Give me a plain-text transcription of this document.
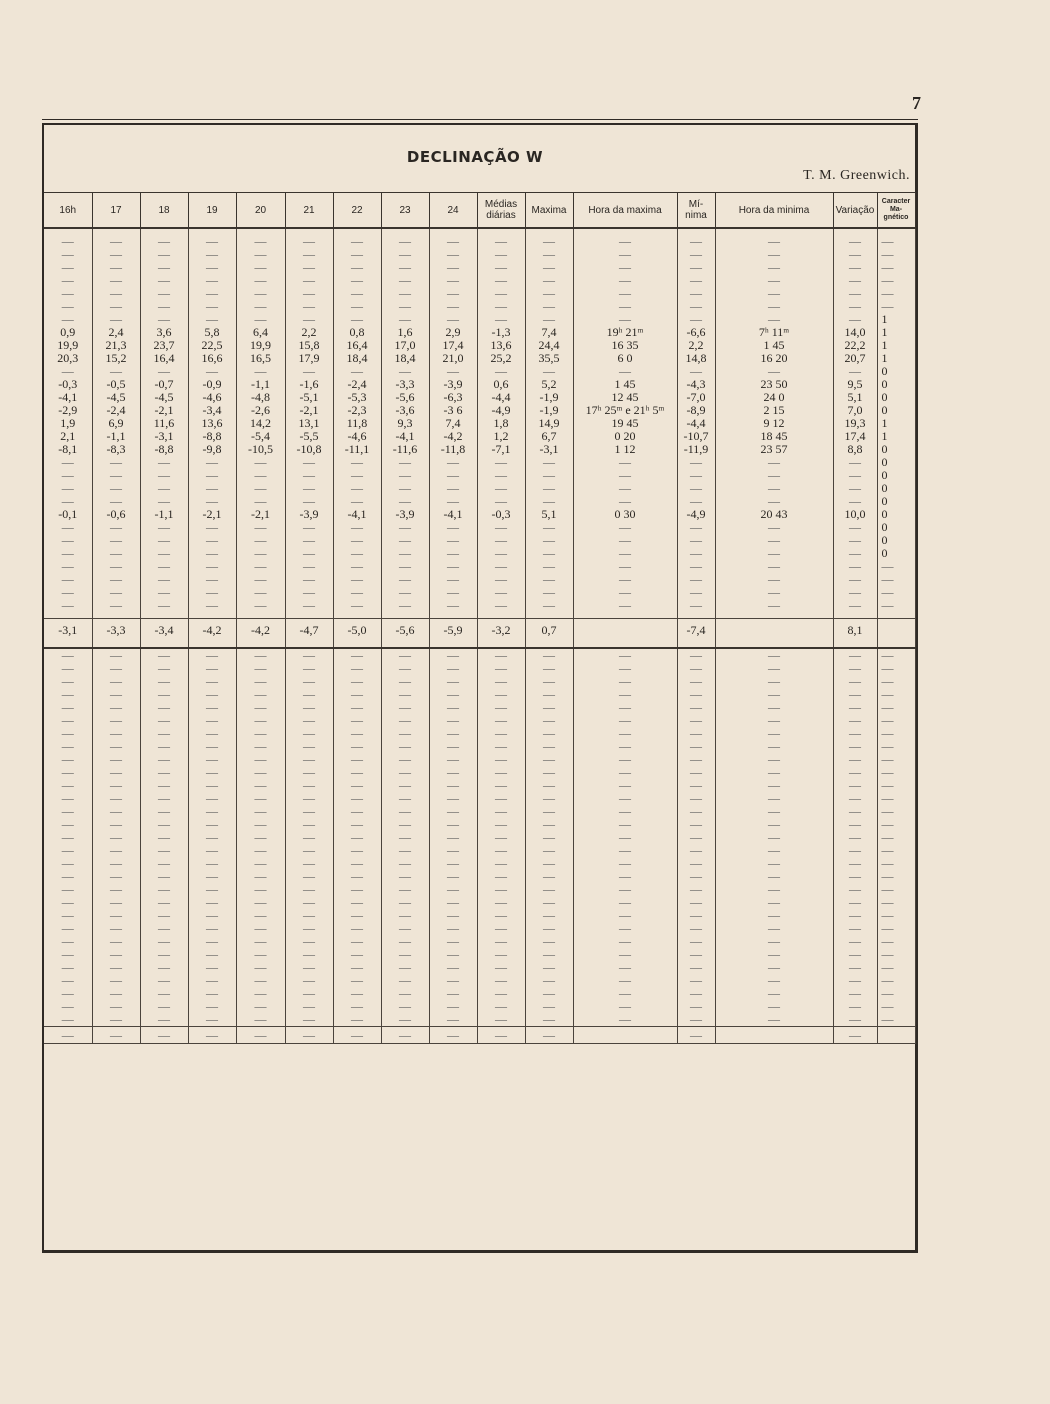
7
DECLINAÇÃO W
T. M. Greenwich.
16h	17	18	19	20	21	22	23	24	Médias diárias	Maxima	Hora da maxima	Mí- nima	Hora da minima	Variação	Caracter Ma- gnético

—	—	—	—	—	—	—	—	—	—	—	—	—	—	—	—
—	—	—	—	—	—	—	—	—	—	—	—	—	—	—	—
—	—	—	—	—	—	—	—	—	—	—	—	—	—	—	—
—	—	—	—	—	—	—	—	—	—	—	—	—	—	—	—
—	—	—	—	—	—	—	—	—	—	—	—	—	—	—	—
—	—	—	—	—	—	—	—	—	—	—	—	—	—	—	—
—	—	—	—	—	—	—	—	—	—	—	—	—	—	—	1
0,9	2,4	3,6	5,8	6,4	2,2	0,8	1,6	2,9	-1,3	7,4	19ʰ 21ᵐ	-6,6	7ʰ 11ᵐ	14,0	1
19,9	21,3	23,7	22,5	19,9	15,8	16,4	17,0	17,4	13,6	24,4	16 35	2,2	1 45	22,2	1
20,3	15,2	16,4	16,6	16,5	17,9	18,4	18,4	21,0	25,2	35,5	6 0	14,8	16 20	20,7	1
—	—	—	—	—	—	—	—	—	—	—	—	—	—	—	0
-0,3	-0,5	-0,7	-0,9	-1,1	-1,6	-2,4	-3,3	-3,9	0,6	5,2	1 45	-4,3	23 50	9,5	0
-4,1	-4,5	-4,5	-4,6	-4,8	-5,1	-5,3	-5,6	-6,3	-4,4	-1,9	12 45	-7,0	24 0	5,1	0
-2,9	-2,4	-2,1	-3,4	-2,6	-2,1	-2,3	-3,6	-3 6	-4,9	-1,9	17ʰ 25ᵐ e 21ʰ 5ᵐ	-8,9	2 15	7,0	0
1,9	6,9	11,6	13,6	14,2	13,1	11,8	9,3	7,4	1,8	14,9	19 45	-4,4	9 12	19,3	1
2,1	-1,1	-3,1	-8,8	-5,4	-5,5	-4,6	-4,1	-4,2	1,2	6,7	0 20	-10,7	18 45	17,4	1
-8,1	-8,3	-8,8	-9,8	-10,5	-10,8	-11,1	-11,6	-11,8	-7,1	-3,1	1 12	-11,9	23 57	8,8	0
—	—	—	—	—	—	—	—	—	—	—	—	—	—	—	0
—	—	—	—	—	—	—	—	—	—	—	—	—	—	—	0
—	—	—	—	—	—	—	—	—	—	—	—	—	—	—	0
—	—	—	—	—	—	—	—	—	—	—	—	—	—	—	0
-0,1	-0,6	-1,1	-2,1	-2,1	-3,9	-4,1	-3,9	-4,1	-0,3	5,1	0 30	-4,9	20 43	10,0	0
—	—	—	—	—	—	—	—	—	—	—	—	—	—	—	0
—	—	—	—	—	—	—	—	—	—	—	—	—	—	—	0
—	—	—	—	—	—	—	—	—	—	—	—	—	—	—	0
—	—	—	—	—	—	—	—	—	—	—	—	—	—	—	—
—	—	—	—	—	—	—	—	—	—	—	—	—	—	—	—
—	—	—	—	—	—	—	—	—	—	—	—	—	—	—	—
—	—	—	—	—	—	—	—	—	—	—	—	—	—	—	—

-3,1	-3,3	-3,4	-4,2	-4,2	-4,7	-5,0	-5,6	-5,9	-3,2	0,7		-7,4		8,1	

—	—	—	—	—	—	—	—	—	—	—	—	—	—	—	—
—	—	—	—	—	—	—	—	—	—	—	—	—	—	—	—
—	—	—	—	—	—	—	—	—	—	—	—	—	—	—	—
—	—	—	—	—	—	—	—	—	—	—	—	—	—	—	—
—	—	—	—	—	—	—	—	—	—	—	—	—	—	—	—
—	—	—	—	—	—	—	—	—	—	—	—	—	—	—	—
—	—	—	—	—	—	—	—	—	—	—	—	—	—	—	—
—	—	—	—	—	—	—	—	—	—	—	—	—	—	—	—
—	—	—	—	—	—	—	—	—	—	—	—	—	—	—	—
—	—	—	—	—	—	—	—	—	—	—	—	—	—	—	—
—	—	—	—	—	—	—	—	—	—	—	—	—	—	—	—
—	—	—	—	—	—	—	—	—	—	—	—	—	—	—	—
—	—	—	—	—	—	—	—	—	—	—	—	—	—	—	—
—	—	—	—	—	—	—	—	—	—	—	—	—	—	—	—
—	—	—	—	—	—	—	—	—	—	—	—	—	—	—	—
—	—	—	—	—	—	—	—	—	—	—	—	—	—	—	—
—	—	—	—	—	—	—	—	—	—	—	—	—	—	—	—
—	—	—	—	—	—	—	—	—	—	—	—	—	—	—	—
—	—	—	—	—	—	—	—	—	—	—	—	—	—	—	—
—	—	—	—	—	—	—	—	—	—	—	—	—	—	—	—
—	—	—	—	—	—	—	—	—	—	—	—	—	—	—	—
—	—	—	—	—	—	—	—	—	—	—	—	—	—	—	—
—	—	—	—	—	—	—	—	—	—	—	—	—	—	—	—
—	—	—	—	—	—	—	—	—	—	—	—	—	—	—	—
—	—	—	—	—	—	—	—	—	—	—	—	—	—	—	—
—	—	—	—	—	—	—	—	—	—	—	—	—	—	—	—
—	—	—	—	—	—	—	—	—	—	—	—	—	—	—	—
—	—	—	—	—	—	—	—	—	—	—	—	—	—	—	—
—	—	—	—	—	—	—	—	—	—	—	—	—	—	—	—
—	—	—	—	—	—	—	—	—	—	—		—		—	
